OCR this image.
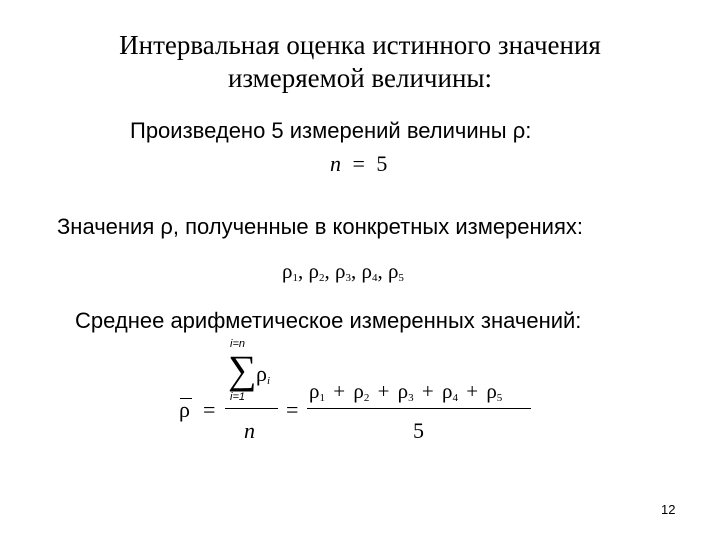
Интервальная оценка истинного значения
измеряемой величины:
Произведено 5 измерений величины ρ:
n = 5
Значения ρ, полученные в конкретных измерениях:
$\rho_1$, $\rho_2$, $\rho_3$, $\rho_4$, $\rho_5$
Среднее арифметическое измеренных значений:
ρ =
i=n
∑ $\rho_i$
i=1
n
=
$\rho_1 + \rho_2 + \rho_3 + \rho_4 + \rho_5$
5
12
